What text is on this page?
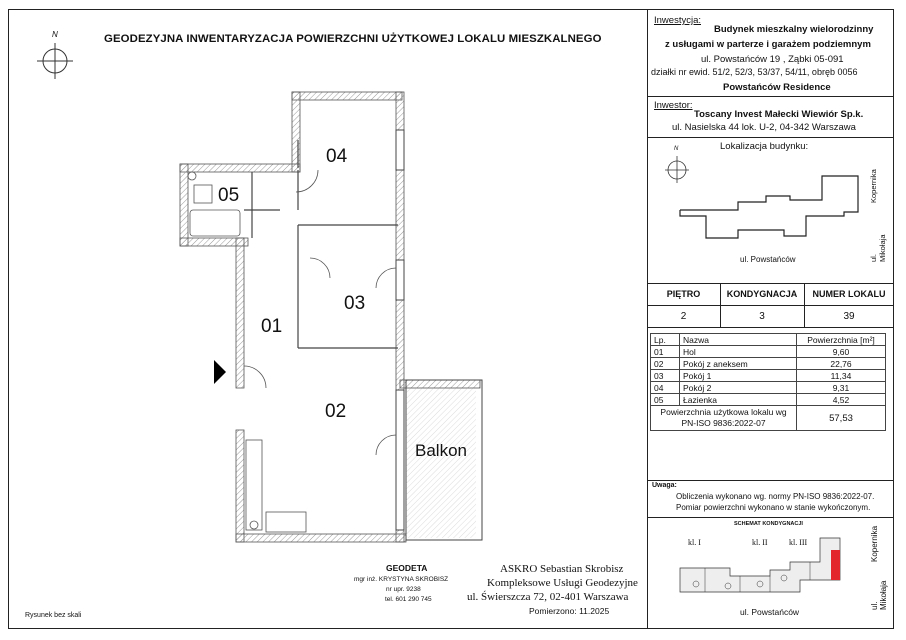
GEODEZYJNA INWENTARYZACJA POWIERZCHNI UŻYTKOWEJ LOKALU MIESZKALNEGO
N
04
05
03
01
02
Balkon
Inwestycja:
Budynek mieszkalny wielorodzinny
z usługami w parterze i garażem podziemnym
ul. Powstańców 19 , Ząbki 05-091
działki nr ewid. 51/2, 52/3, 53/37, 54/11, obręb 0056
Powstańców Residence
Inwestor:
Toscany Invest Małecki Wiewiór Sp.k.
ul. Nasielska 44 lok. U-2, 04-342 Warszawa
Lokalizacja budynku:
N
ul. Powstańców
Kopernika
ul. Mikołaja
PIĘTRO	KONDYGNACJA	NUMER LOKALU
2	3	39
Lp.	Nazwa	Powierzchnia [m²]
01	Hol	9,60
02	Pokój z aneksem	22,76
03	Pokój 1	11,34
04	Pokój 2	9,31
05	Łazienka	4,52
Powierzchnia użytkowa lokalu wg
PN-ISO 9836:2022-07		57,53
Uwaga:
Obliczenia wykonano wg. normy PN-ISO 9836:2022-07.
Pomiar powierzchni wykonano w stanie wykończonym.
SCHEMAT KONDYGNACJI
kl. I	kl. II	kl. III
ul. Powstańców
Kopernika
ul. Mikołaja
GEODETA
mgr inż. KRYSTYNA SKROBISZ
nr upr. 9238
tel. 601 290 745
ASKRO Sebastian Skrobisz
Kompleksowe Usługi Geodezyjne
ul. Świerszcza 72, 02-401 Warszawa
Pomierzono: 11.2025
Rysunek bez skali
